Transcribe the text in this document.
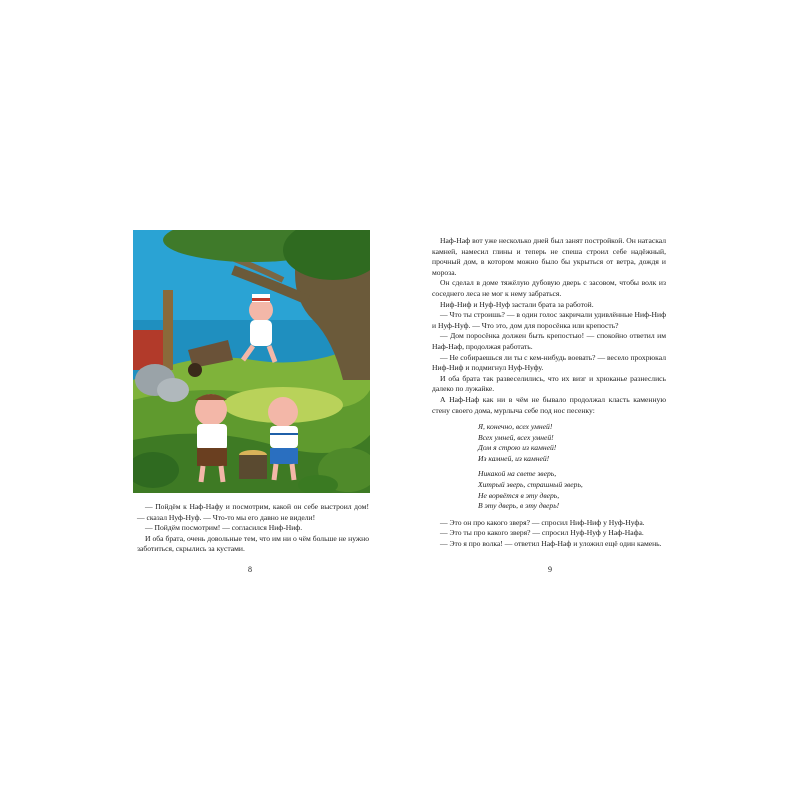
— Пойдём к Наф-Нафу и посмотрим, какой он себе выстроил дом! — сказал Нуф-Нуф. — Что-то мы его давно не видели!

— Пойдём посмотрим! — согласился Ниф-Ниф.

И оба брата, очень довольные тем, что им ни о чём больше не нужно заботиться, скрылись за кустами.

8

Наф-Наф вот уже несколько дней был занят постройкой. Он натаскал камней, намесил глины и теперь не спеша строил себе надёжный, прочный дом, в котором можно было бы укрыться от ветра, дождя и мороза.

Он сделал в доме тяжёлую дубовую дверь с засовом, чтобы волк из соседнего леса не мог к нему забраться.

Ниф-Ниф и Нуф-Нуф застали брата за работой.

— Что ты строишь? — в один голос закричали удивлённые Ниф-Ниф и Нуф-Нуф. — Что это, дом для поросёнка или крепость?

— Дом поросёнка должен быть крепостью! — спокойно ответил им Наф-Наф, продолжая работать.

— Не собираешься ли ты с кем-нибудь воевать? — весело прохрюкал Ниф-Ниф и подмигнул Нуф-Нуфу.

И оба брата так развеселились, что их визг и хрюканье разнеслись далеко по лужайке.

А Наф-Наф как ни в чём не бывало продолжал класть каменную стену своего дома, мурлыча себе под нос песенку:

Я, конечно, всех умней!
Всех умней, всех умней!
Дом я строю из камней!
Из камней, из камней!
Никакой на свете зверь,
Хитрый зверь, страшный зверь,
Не ворвётся в эту дверь,
В эту дверь, в эту дверь!

— Это он про какого зверя? — спросил Ниф-Ниф у Нуф-Нуфа.

— Это ты про какого зверя? — спросил Нуф-Нуф у Наф-Нафа.

— Это я про волка! — ответил Наф-Наф и уложил ещё один камень.

9
